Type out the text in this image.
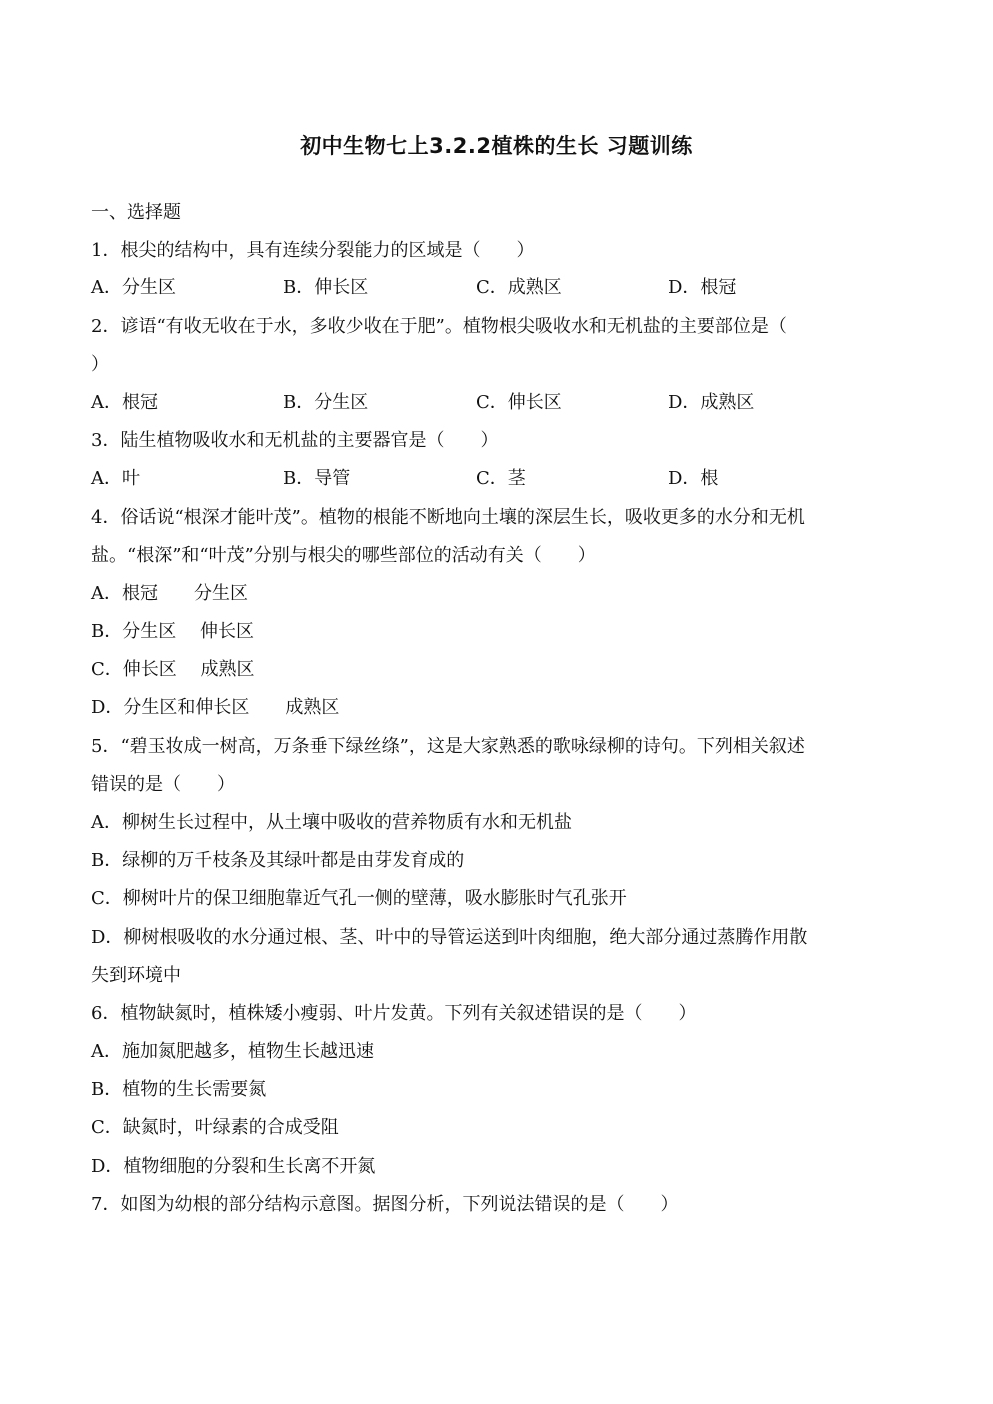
初中生物七上3.2.2植株的生长 习题训练
一、选择题
1．根尖的结构中，具有连续分裂能力的区域是（　　）
A．分生区	B．伸长区	C．成熟区	D．根冠
2．谚语“有收无收在于水，多收少收在于肥”。植物根尖吸收水和无机盐的主要部位是（
）
A．根冠	B．分生区	C．伸长区	D．成熟区
3．陆生植物吸收水和无机盐的主要器官是（　　）
A．叶	B．导管	C．茎	D．根
4．俗话说“根深才能叶茂”。植物的根能不断地向土壤的深层生长，吸收更多的水分和无机
盐。“根深”和“叶茂”分别与根尖的哪些部位的活动有关（　　）
A．根冠　　分生区
B．分生区　 伸长区
C．伸长区　 成熟区
D．分生区和伸长区　　成熟区
5．“碧玉妆成一树高，万条垂下绿丝绦”，这是大家熟悉的歌咏绿柳的诗句。下列相关叙述
错误的是（　　）
A．柳树生长过程中，从土壤中吸收的营养物质有水和无机盐
B．绿柳的万千枝条及其绿叶都是由芽发育成的
C．柳树叶片的保卫细胞靠近气孔一侧的壁薄，吸水膨胀时气孔张开
D．柳树根吸收的水分通过根、茎、叶中的导管运送到叶肉细胞，绝大部分通过蒸腾作用散
失到环境中
6．植物缺氮时，植株矮小瘦弱、叶片发黄。下列有关叙述错误的是（　　）
A．施加氮肥越多，植物生长越迅速
B．植物的生长需要氮
C．缺氮时，叶绿素的合成受阻
D．植物细胞的分裂和生长离不开氮
7．如图为幼根的部分结构示意图。据图分析，下列说法错误的是（　　）
